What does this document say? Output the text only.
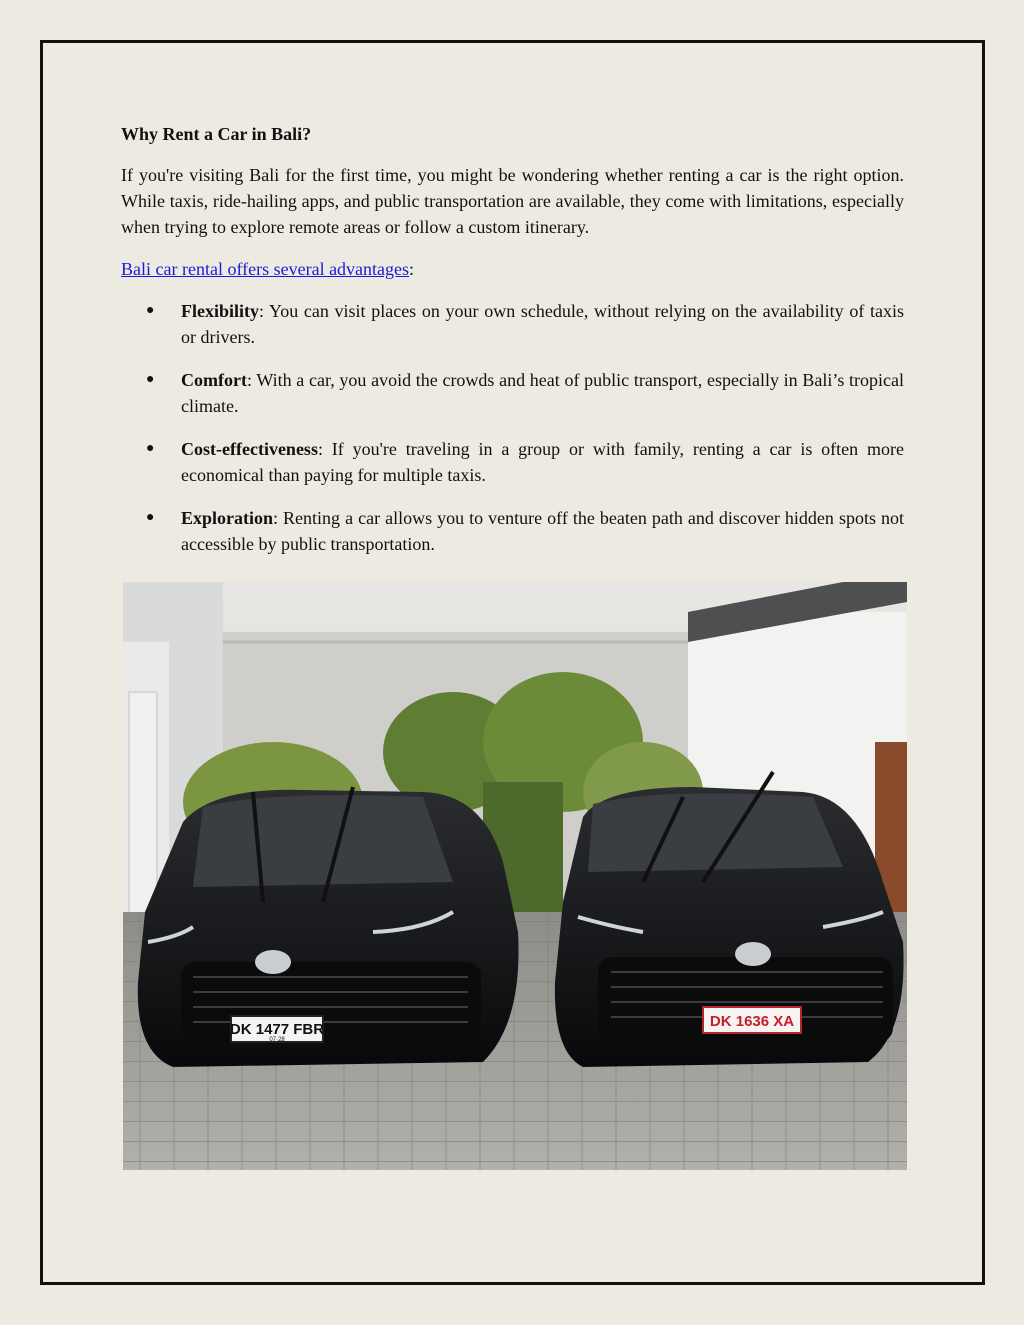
Why Rent a Car in Bali?

If you're visiting Bali for the first time, you might be wondering whether renting a car is the right option. While taxis, ride-hailing apps, and public transportation are available, they come with limitations, especially when trying to explore remote areas or follow a custom itinerary.

Bali car rental offers several advantages:

● Flexibility: You can visit places on your own schedule, without relying on the availability of taxis or drivers.
● Comfort: With a car, you avoid the crowds and heat of public transport, especially in Bali’s tropical climate.
● Cost-effectiveness: If you're traveling in a group or with family, renting a car is often more economical than paying for multiple taxis.
● Exploration: Renting a car allows you to venture off the beaten path and discover hidden spots not accessible by public transportation.
DK 1477 FBR
07·28
DK 1636 XA
